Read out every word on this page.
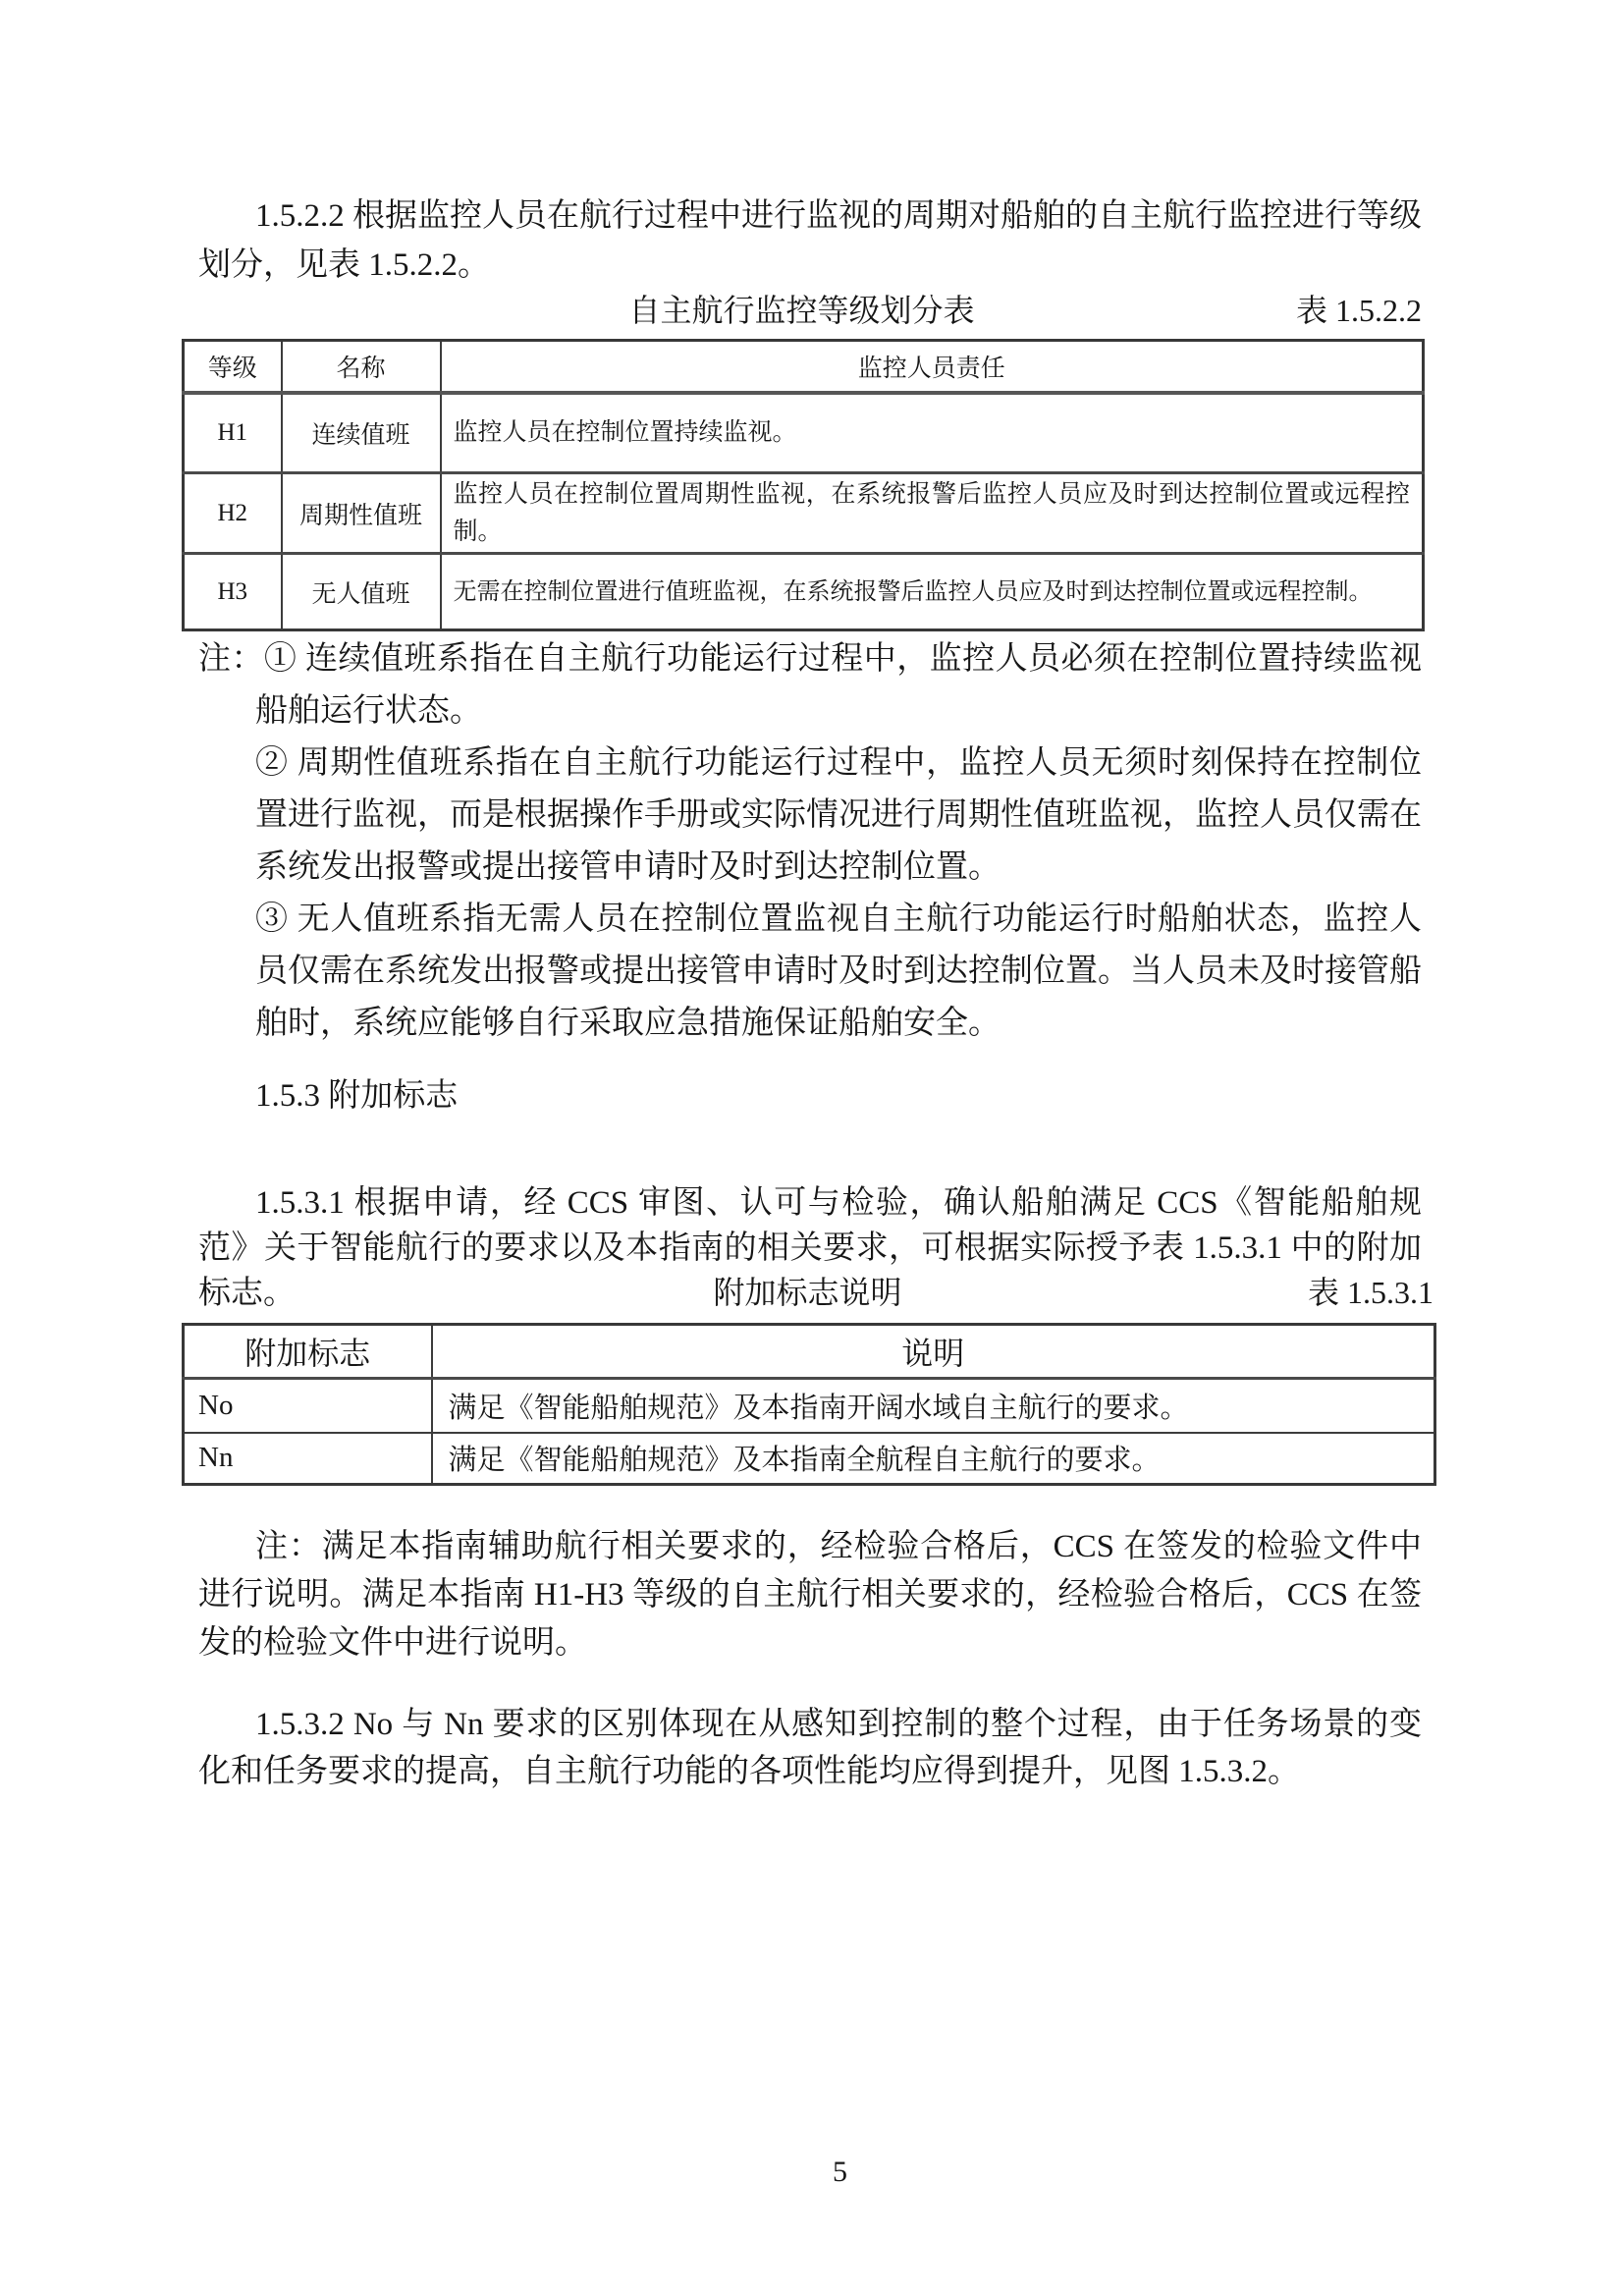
1.5.2.2 根据监控人员在航行过程中进行监视的周期对船舶的自主航行监控进行等级划分，见表 1.5.2.2。

自主航行监控等级划分表	表 1.5.2.2
等级	名称	监控人员责任
H1	连续值班	监控人员在控制位置持续监视。
H2	周期性值班	监控人员在控制位置周期性监视，在系统报警后监控人员应及时到达控制位置或远程控制。
H3	无人值班	无需在控制位置进行值班监视，在系统报警后监控人员应及时到达控制位置或远程控制。

注：① 连续值班系指在自主航行功能运行过程中，监控人员必须在控制位置持续监视船舶运行状态。

② 周期性值班系指在自主航行功能运行过程中，监控人员无须时刻保持在控制位置进行监视，而是根据操作手册或实际情况进行周期性值班监视，监控人员仅需在系统发出报警或提出接管申请时及时到达控制位置。

③ 无人值班系指无需人员在控制位置监视自主航行功能运行时船舶状态，监控人员仅需在系统发出报警或提出接管申请时及时到达控制位置。当人员未及时接管船舶时，系统应能够自行采取应急措施保证船舶安全。

1.5.3 附加标志

1.5.3.1 根据申请，经 CCS 审图、认可与检验，确认船舶满足 CCS《智能船舶规范》关于智能航行的要求以及本指南的相关要求，可根据实际授予表 1.5.3.1 中的附加标志。	附加标志说明	表 1.5.3.1
附加标志	说明
No	满足《智能船舶规范》及本指南开阔水域自主航行的要求。
Nn	满足《智能船舶规范》及本指南全航程自主航行的要求。

注：满足本指南辅助航行相关要求的，经检验合格后，CCS 在签发的检验文件中进行说明。满足本指南 H1-H3 等级的自主航行相关要求的，经检验合格后，CCS 在签发的检验文件中进行说明。

1.5.3.2 No 与 Nn 要求的区别体现在从感知到控制的整个过程，由于任务场景的变化和任务要求的提高，自主航行功能的各项性能均应得到提升，见图 1.5.3.2。

5
